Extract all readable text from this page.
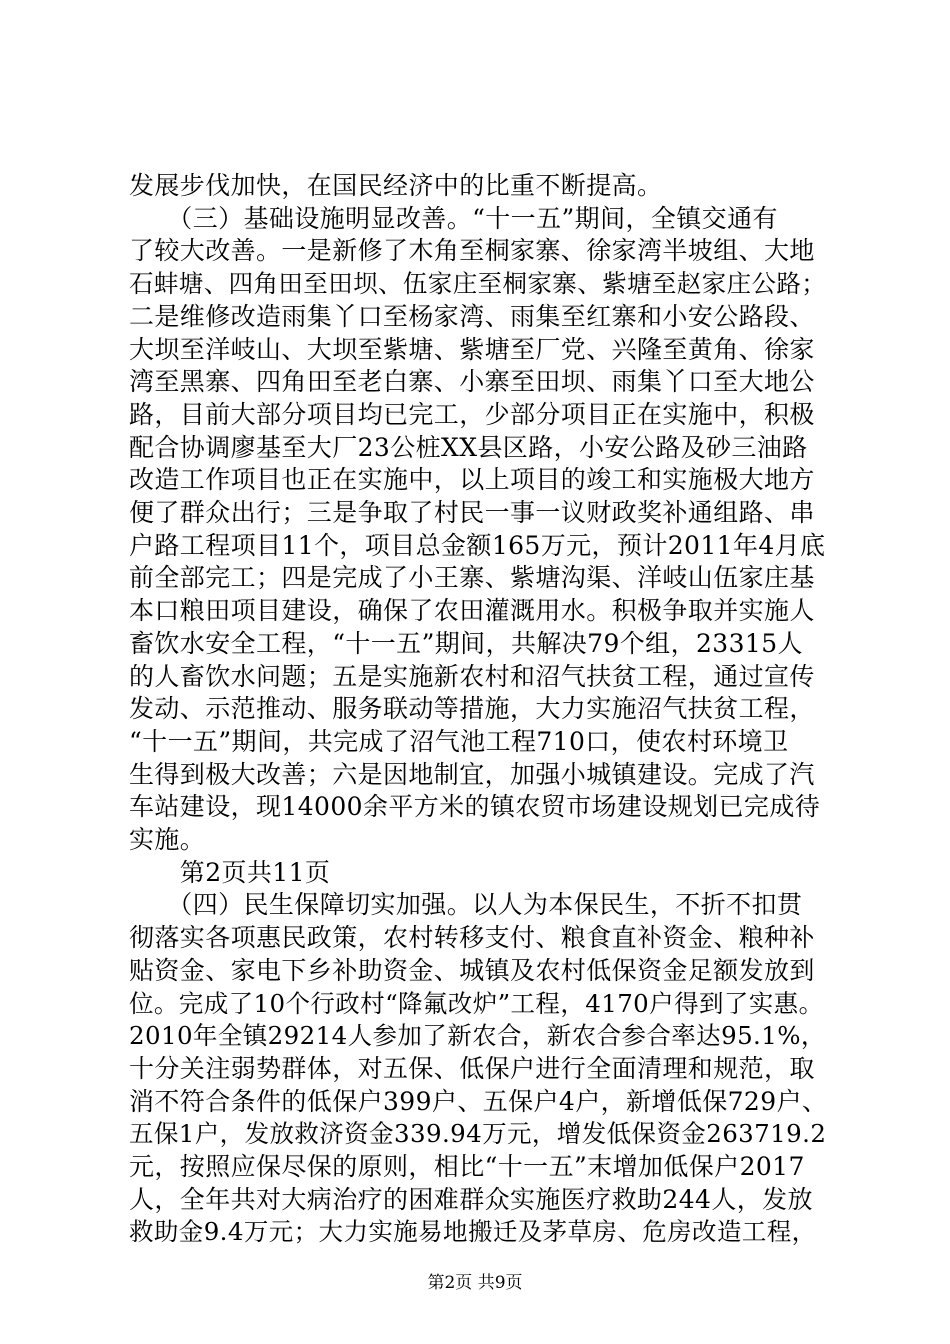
发展步伐加快，在国民经济中的比重不断提高。
　　（三）基础设施明显改善。“十一五”期间，全镇交通有
了较大改善。一是新修了木角至桐家寨、徐家湾半坡组、大地
石蚌塘、四角田至田坝、伍家庄至桐家寨、紫塘至赵家庄公路；
二是维修改造雨集丫口至杨家湾、雨集至红寨和小安公路段、
大坝至洋岐山、大坝至紫塘、紫塘至厂党、兴隆至黄角、徐家
湾至黑寨、四角田至老白寨、小寨至田坝、雨集丫口至大地公
路，目前大部分项目均已完工，少部分项目正在实施中，积极
配合协调廖基至大厂23公桩XX县区路，小安公路及砂三油路
改造工作项目也正在实施中，以上项目的竣工和实施极大地方
便了群众出行；三是争取了村民一事一议财政奖补通组路、串
户路工程项目11个，项目总金额165万元，预计2011年4月底
前全部完工；四是完成了小王寨、紫塘沟渠、洋岐山伍家庄基
本口粮田项目建设，确保了农田灌溉用水。积极争取并实施人
畜饮水安全工程，“十一五”期间，共解决79个组，23315人
的人畜饮水问题；五是实施新农村和沼气扶贫工程，通过宣传
发动、示范推动、服务联动等措施，大力实施沼气扶贫工程，
“十一五”期间，共完成了沼气池工程710口，使农村环境卫
生得到极大改善；六是因地制宜，加强小城镇建设。完成了汽
车站建设，现14000余平方米的镇农贸市场建设规划已完成待
实施。
　　第2页共11页
　　（四）民生保障切实加强。以人为本保民生，不折不扣贯
彻落实各项惠民政策，农村转移支付、粮食直补资金、粮种补
贴资金、家电下乡补助资金、城镇及农村低保资金足额发放到
位。完成了10个行政村“降氟改炉”工程，4170户得到了实惠。
2010年全镇29214人参加了新农合，新农合参合率达95.1%，
十分关注弱势群体，对五保、低保户进行全面清理和规范，取
消不符合条件的低保户399户、五保户4户，新增低保729户、
五保1户，发放救济资金339.94万元，增发低保资金263719.2
元，按照应保尽保的原则，相比“十一五”末增加低保户2017
人，全年共对大病治疗的困难群众实施医疗救助244人，发放
救助金9.4万元；大力实施易地搬迁及茅草房、危房改造工程，
第2页 共9页
